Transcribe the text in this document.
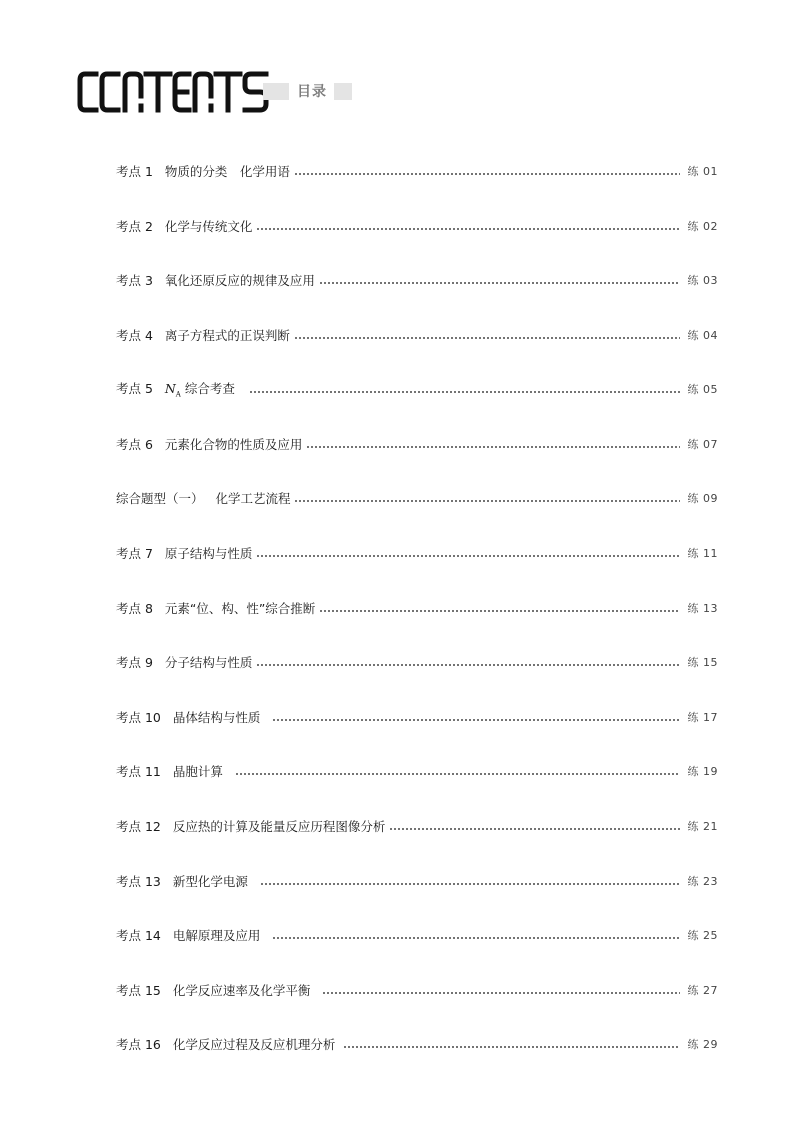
目录
考点 1 物质的分类　化学用语	练 01
考点 2 化学与传统文化	练 02
考点 3 氧化还原反应的规律及应用	练 03
考点 4 离子方程式的正误判断	练 04
考点 5 $N_A$ 综合考查	练 05
考点 6 元素化合物的性质及应用	练 07
综合题型（一） 化学工艺流程	练 09
考点 7 原子结构与性质	练 11
考点 8 元素“位、构、性”综合推断	练 13
考点 9 分子结构与性质	练 15
考点 10 晶体结构与性质	练 17
考点 11 晶胞计算	练 19
考点 12 反应热的计算及能量反应历程图像分析	练 21
考点 13 新型化学电源	练 23
考点 14 电解原理及应用	练 25
考点 15 化学反应速率及化学平衡	练 27
考点 16 化学反应过程及反应机理分析	练 29
